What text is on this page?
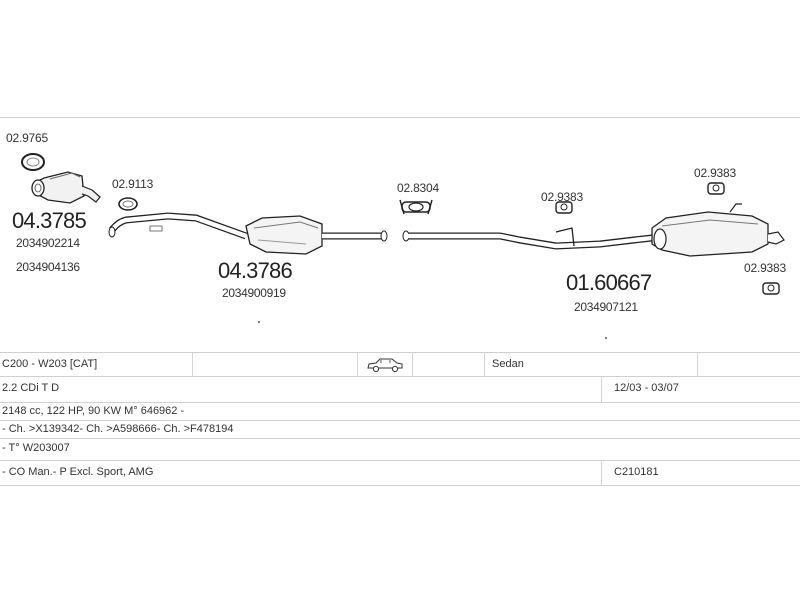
02.9765
04.3785
2034902214
2034904136
02.9113
04.3786
2034900919
02.8304
02.9383
02.9383
02.9383
01.60667
2034907121
C200 - W203 [CAT]	Sedan
2.2 CDi T D	12/03 - 03/07
2148 cc, 122 HP, 90 KW M° 646962 -
- Ch. >X139342- Ch. >A598666- Ch. >F478194
- T° W203007
- CO Man.- P Excl. Sport, AMG	C210181
